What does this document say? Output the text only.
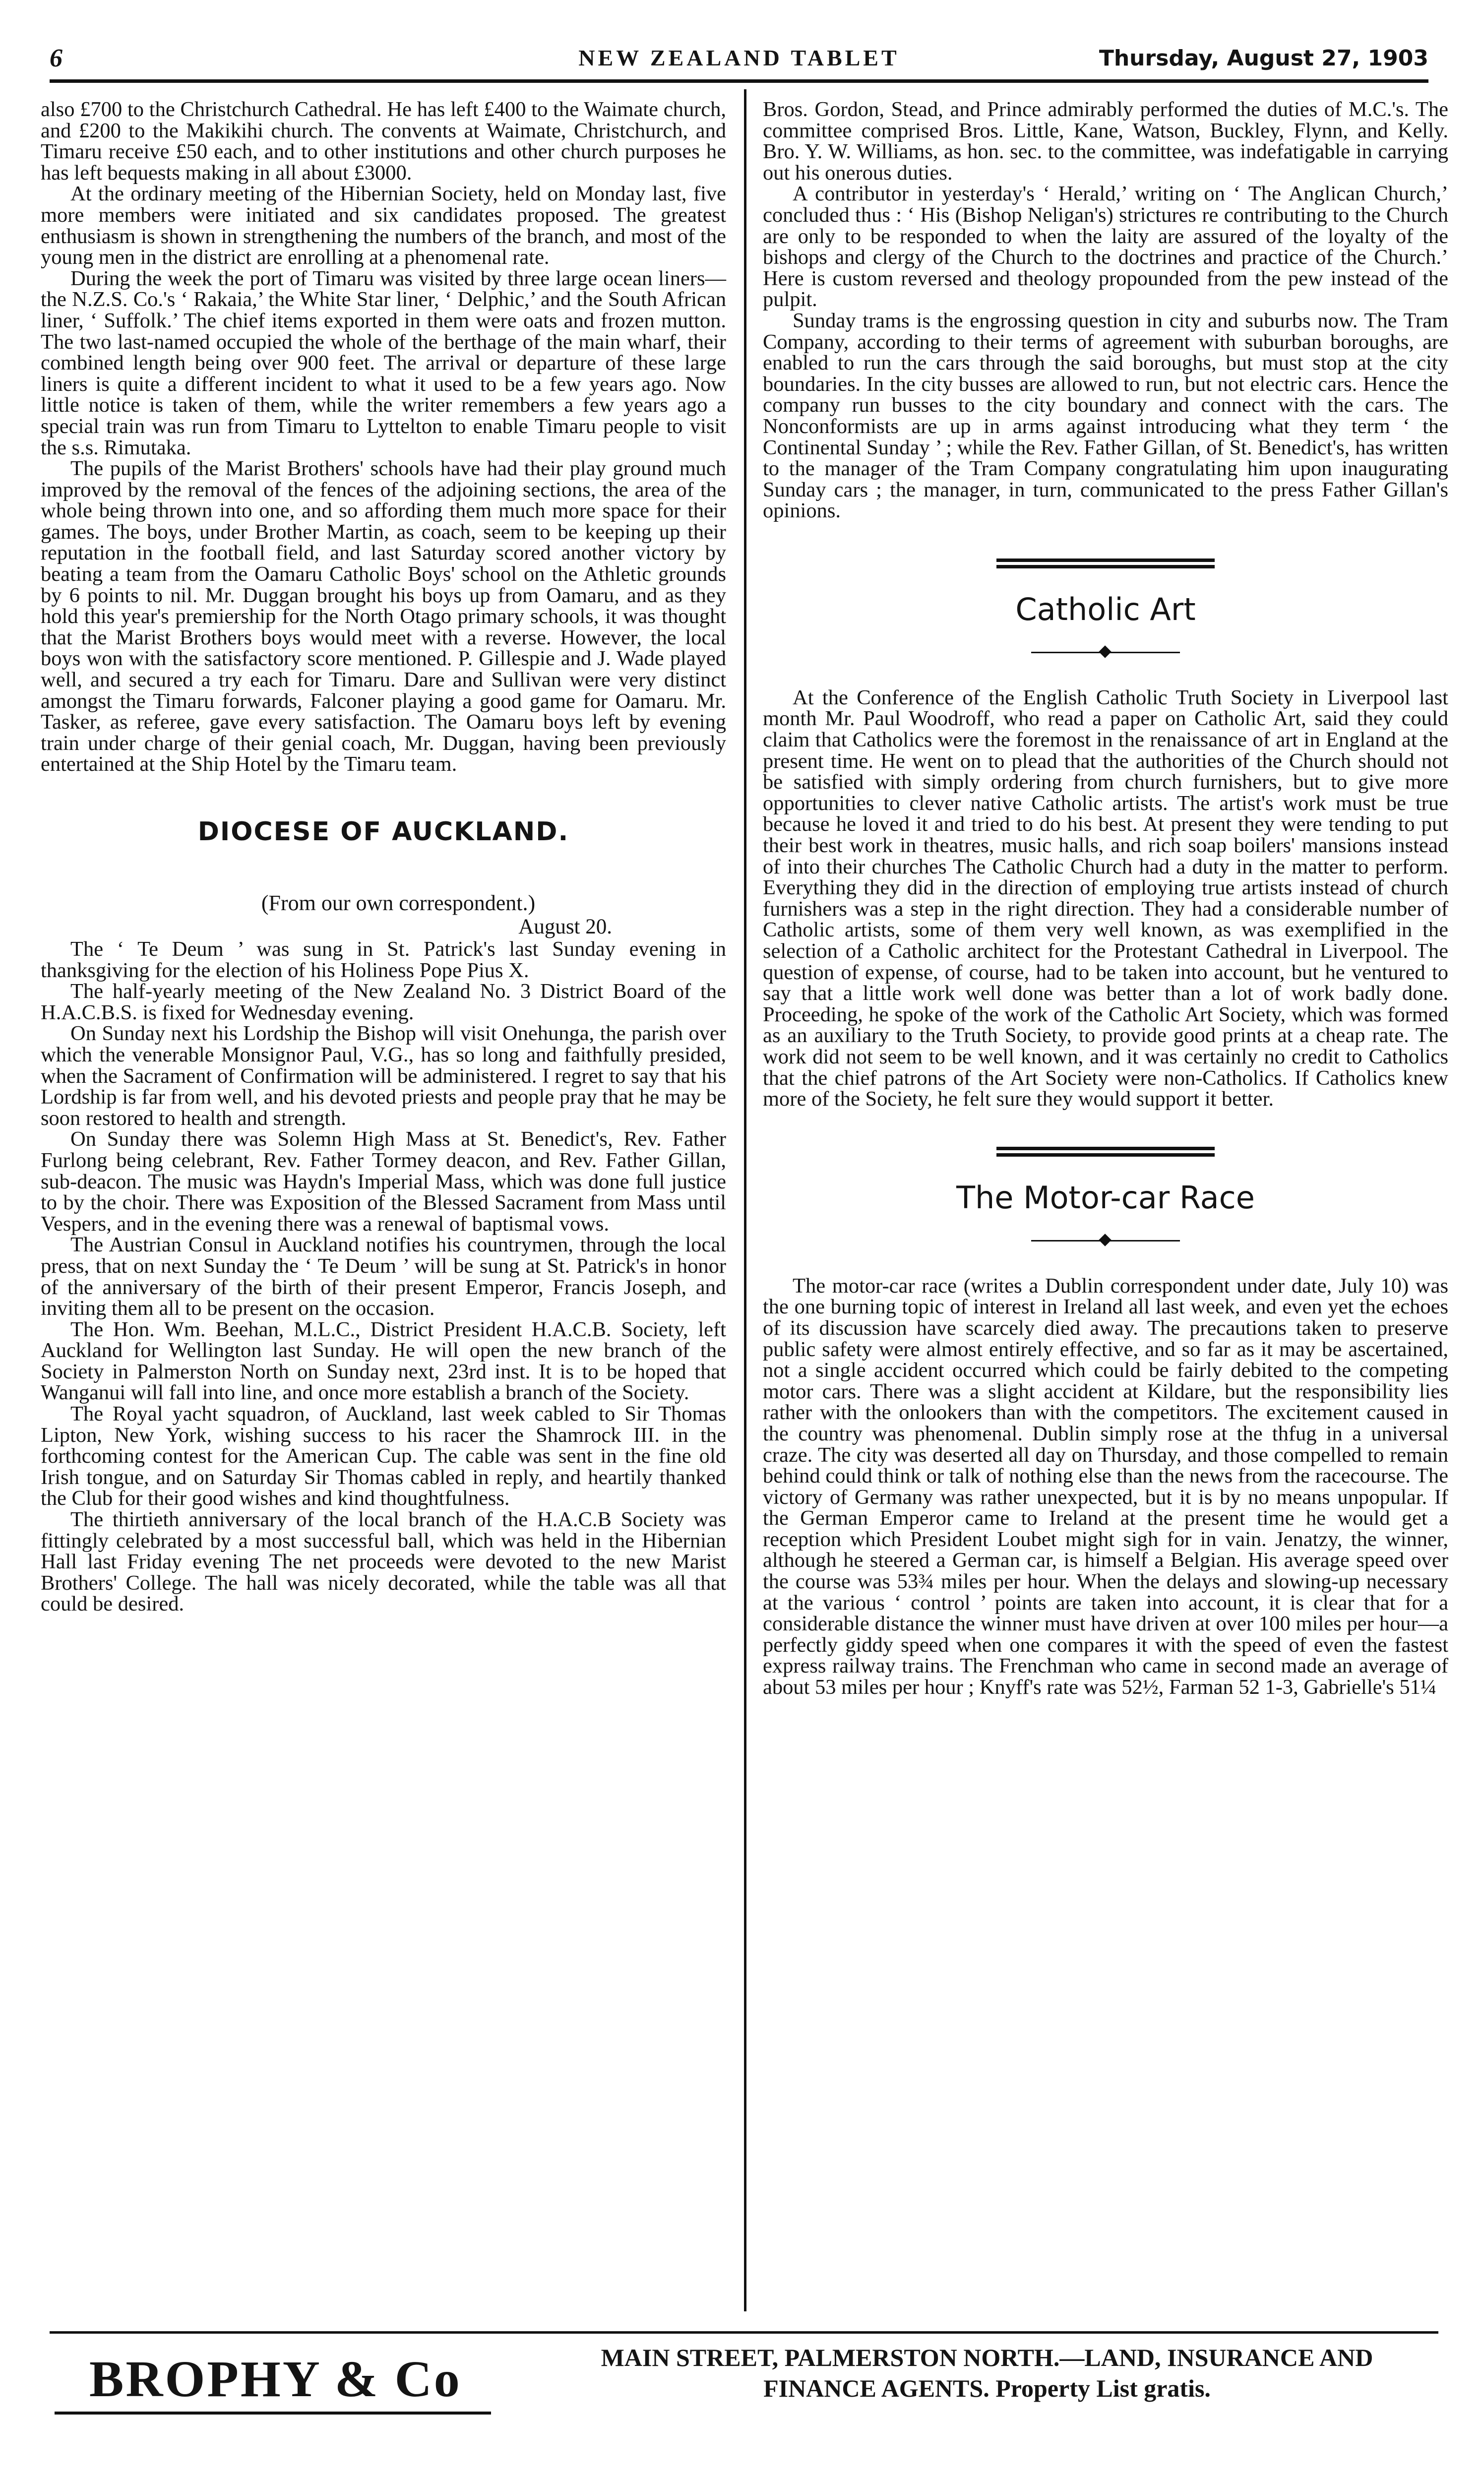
6	NEW ZEALAND TABLET	Thursday, August 27, 1903

also £700 to the Christchurch Cathedral. He has left £400 to the Waimate church, and £200 to the Makikihi church. The convents at Waimate, Christchurch, and Timaru receive £50 each, and to other institutions and other church purposes he has left bequests making in all about £3000.

At the ordinary meeting of the Hibernian Society, held on Monday last, five more members were initiated and six candidates proposed. The greatest enthusiasm is shown in strengthening the numbers of the branch, and most of the young men in the district are enrolling at a phenomenal rate.

During the week the port of Timaru was visited by three large ocean liners—the N.Z.S. Co.'s ‘ Rakaia,’ the White Star liner, ‘ Delphic,’ and the South African liner, ‘ Suffolk.’ The chief items exported in them were oats and frozen mutton. The two last-named occupied the whole of the berthage of the main wharf, their combined length being over 900 feet. The arrival or departure of these large liners is quite a different incident to what it used to be a few years ago. Now little notice is taken of them, while the writer remembers a few years ago a special train was run from Timaru to Lyttelton to enable Timaru people to visit the s.s. Rimutaka.

The pupils of the Marist Brothers' schools have had their play ground much improved by the removal of the fences of the adjoining sections, the area of the whole being thrown into one, and so affording them much more space for their games. The boys, under Brother Martin, as coach, seem to be keeping up their reputation in the football field, and last Saturday scored another victory by beating a team from the Oamaru Catholic Boys' school on the Athletic grounds by 6 points to nil. Mr. Duggan brought his boys up from Oamaru, and as they hold this year's premiership for the North Otago primary schools, it was thought that the Marist Brothers boys would meet with a reverse. However, the local boys won with the satisfactory score mentioned. P. Gillespie and J. Wade played well, and secured a try each for Timaru. Dare and Sullivan were very distinct amongst the Timaru forwards, Falconer playing a good game for Oamaru. Mr. Tasker, as referee, gave every satisfaction. The Oamaru boys left by evening train under charge of their genial coach, Mr. Duggan, having been previously entertained at the Ship Hotel by the Timaru team.

DIOCESE OF AUCKLAND.

(From our own correspondent.)

August 20.

The ‘ Te Deum ’ was sung in St. Patrick's last Sunday evening in thanksgiving for the election of his Holiness Pope Pius X.

The half-yearly meeting of the New Zealand No. 3 District Board of the H.A.C.B.S. is fixed for Wednesday evening.

On Sunday next his Lordship the Bishop will visit Onehunga, the parish over which the venerable Monsignor Paul, V.G., has so long and faithfully presided, when the Sacrament of Confirmation will be administered. I regret to say that his Lordship is far from well, and his devoted priests and people pray that he may be soon restored to health and strength.

On Sunday there was Solemn High Mass at St. Benedict's, Rev. Father Furlong being celebrant, Rev. Father Tormey deacon, and Rev. Father Gillan, sub-deacon. The music was Haydn's Imperial Mass, which was done full justice to by the choir. There was Exposition of the Blessed Sacrament from Mass until Vespers, and in the evening there was a renewal of baptismal vows.

The Austrian Consul in Auckland notifies his countrymen, through the local press, that on next Sunday the ‘ Te Deum ’ will be sung at St. Patrick's in honor of the anniversary of the birth of their present Emperor, Francis Joseph, and inviting them all to be present on the occasion.

The Hon. Wm. Beehan, M.L.C., District President H.A.C.B. Society, left Auckland for Wellington last Sunday. He will open the new branch of the Society in Palmerston North on Sunday next, 23rd inst. It is to be hoped that Wanganui will fall into line, and once more establish a branch of the Society.

The Royal yacht squadron, of Auckland, last week cabled to Sir Thomas Lipton, New York, wishing success to his racer the Shamrock III. in the forthcoming contest for the American Cup. The cable was sent in the fine old Irish tongue, and on Saturday Sir Thomas cabled in reply, and heartily thanked the Club for their good wishes and kind thoughtfulness.

The thirtieth anniversary of the local branch of the H.A.C.B Society was fittingly celebrated by a most successful ball, which was held in the Hibernian Hall last Friday evening The net proceeds were devoted to the new Marist Brothers' College. The hall was nicely decorated, while the table was all that could be desired.

Bros. Gordon, Stead, and Prince admirably performed the duties of M.C.'s. The committee comprised Bros. Little, Kane, Watson, Buckley, Flynn, and Kelly. Bro. Y. W. Williams, as hon. sec. to the committee, was indefatigable in carrying out his onerous duties.

A contributor in yesterday's ‘ Herald,’ writing on ‘ The Anglican Church,’ concluded thus : ‘ His (Bishop Neligan's) strictures re contributing to the Church are only to be responded to when the laity are assured of the loyalty of the bishops and clergy of the Church to the doctrines and practice of the Church.’ Here is custom reversed and theology propounded from the pew instead of the pulpit.

Sunday trams is the engrossing question in city and suburbs now. The Tram Company, according to their terms of agreement with suburban boroughs, are enabled to run the cars through the said boroughs, but must stop at the city boundaries. In the city busses are allowed to run, but not electric cars. Hence the company run busses to the city boundary and connect with the cars. The Nonconformists are up in arms against introducing what they term ‘ the Continental Sunday ’ ; while the Rev. Father Gillan, of St. Benedict's, has written to the manager of the Tram Company congratulating him upon inaugurating Sunday cars ; the manager, in turn, communicated to the press Father Gillan's opinions.

Catholic Art

At the Conference of the English Catholic Truth Society in Liverpool last month Mr. Paul Woodroff, who read a paper on Catholic Art, said they could claim that Catholics were the foremost in the renaissance of art in England at the present time. He went on to plead that the authorities of the Church should not be satisfied with simply ordering from church furnishers, but to give more opportunities to clever native Catholic artists. The artist's work must be true because he loved it and tried to do his best. At present they were tending to put their best work in theatres, music halls, and rich soap boilers' mansions instead of into their churches The Catholic Church had a duty in the matter to perform. Everything they did in the direction of employing true artists instead of church furnishers was a step in the right direction. They had a considerable number of Catholic artists, some of them very well known, as was exemplified in the selection of a Catholic architect for the Protestant Cathedral in Liverpool. The question of expense, of course, had to be taken into account, but he ventured to say that a little work well done was better than a lot of work badly done. Proceeding, he spoke of the work of the Catholic Art Society, which was formed as an auxiliary to the Truth Society, to provide good prints at a cheap rate. The work did not seem to be well known, and it was certainly no credit to Catholics that the chief patrons of the Art Society were non-Catholics. If Catholics knew more of the Society, he felt sure they would support it better.

The Motor-car Race

The motor-car race (writes a Dublin correspondent under date, July 10) was the one burning topic of interest in Ireland all last week, and even yet the echoes of its discussion have scarcely died away. The precautions taken to preserve public safety were almost entirely effective, and so far as it may be ascertained, not a single accident occurred which could be fairly debited to the competing motor cars. There was a slight accident at Kildare, but the responsibility lies rather with the onlookers than with the competitors. The excitement caused in the country was phenomenal. Dublin simply rose at the thfug in a universal craze. The city was deserted all day on Thursday, and those compelled to remain behind could think or talk of nothing else than the news from the racecourse. The victory of Germany was rather unexpected, but it is by no means unpopular. If the German Emperor came to Ireland at the present time he would get a reception which President Loubet might sigh for in vain. Jenatzy, the winner, although he steered a German car, is himself a Belgian. His average speed over the course was 53¾ miles per hour. When the delays and slowing-up necessary at the various ‘ control ’ points are taken into account, it is clear that for a considerable distance the winner must have driven at over 100 miles per hour—a perfectly giddy speed when one compares it with the speed of even the fastest express railway trains. The Frenchman who came in second made an average of about 53 miles per hour ; Knyff's rate was 52½, Farman 52 1-3, Gabrielle's 51¼

BROPHY & Co	MAIN STREET, PALMERSTON NORTH.—LAND, INSURANCE AND
FINANCE AGENTS. Property List gratis.
